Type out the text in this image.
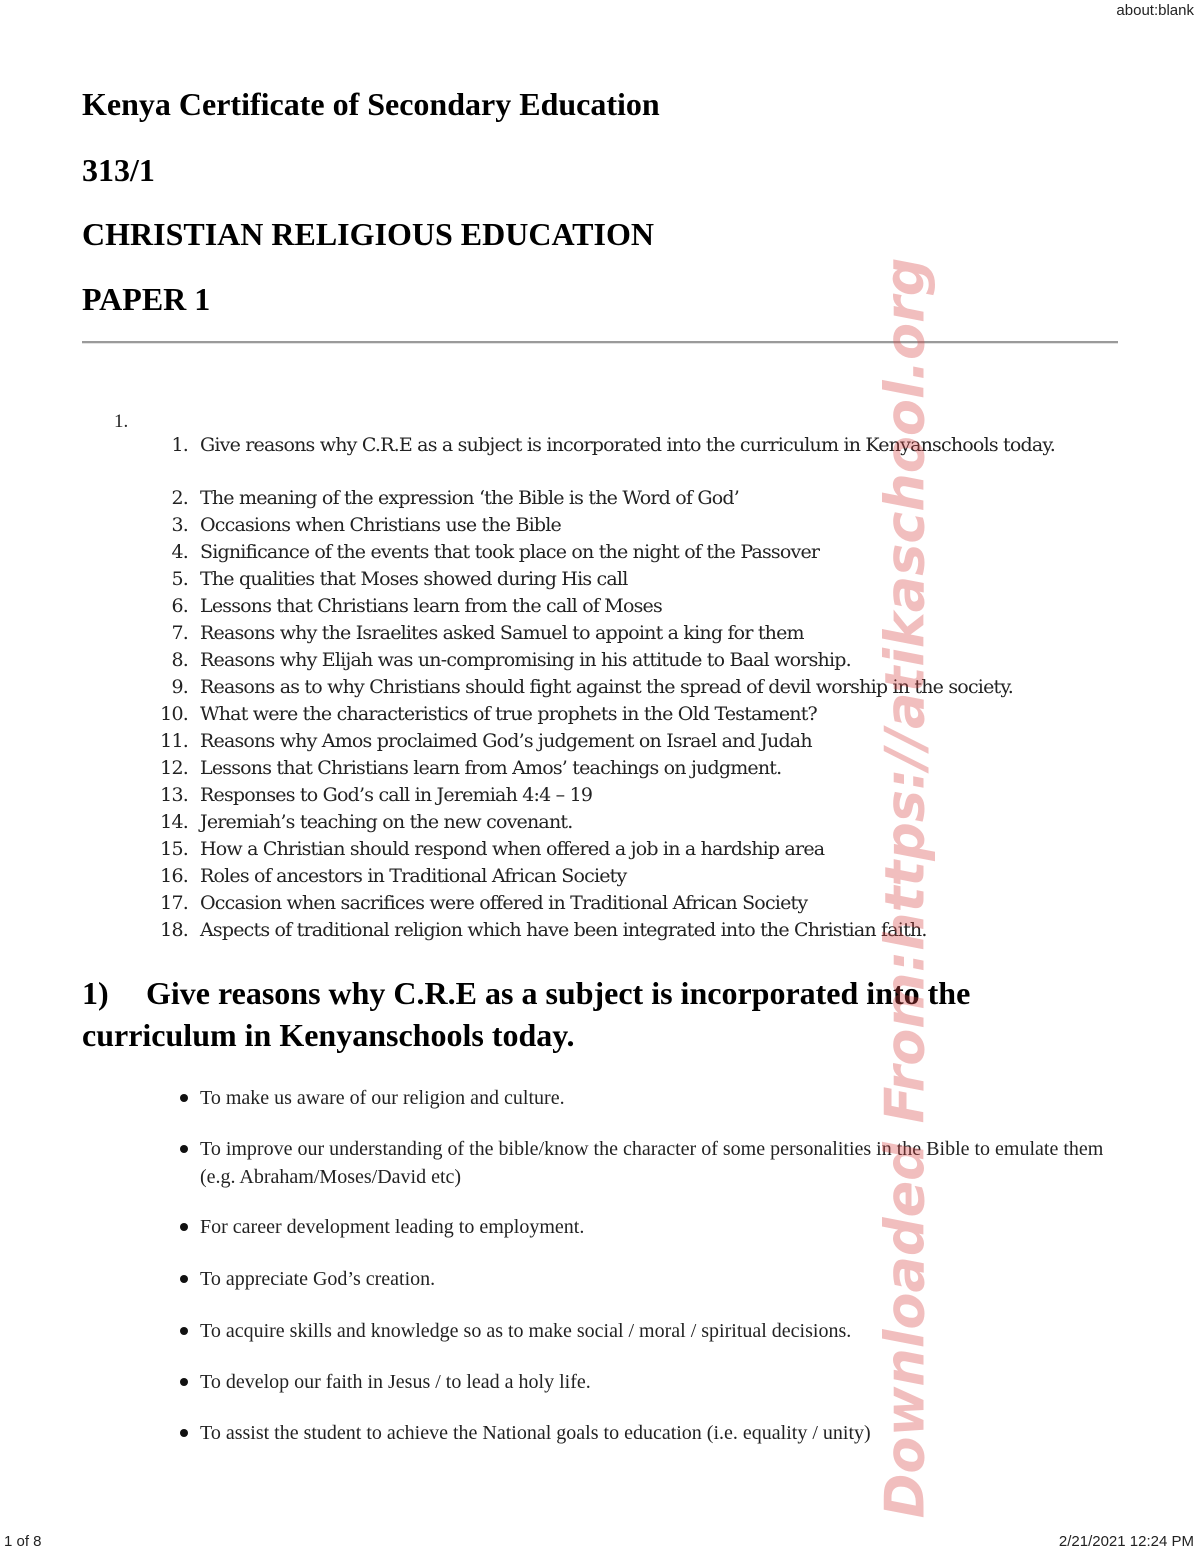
about:blank
Kenya Certificate of Secondary Education
313/1
CHRISTIAN RELIGIOUS EDUCATION
PAPER 1
1.
1. Give reasons why C.R.E as a subject is incorporated into the curriculum in Kenyanschools today.
2. The meaning of the expression ‘the Bible is the Word of God’
3. Occasions when Christians use the Bible
4. Significance of the events that took place on the night of the Passover
5. The qualities that Moses showed during His call
6. Lessons that Christians learn from the call of Moses
7. Reasons why the Israelites asked Samuel to appoint a king for them
8. Reasons why Elijah was un-compromising in his attitude to Baal worship.
9. Reasons as to why Christians should fight against the spread of devil worship in the society.
10. What were the characteristics of true prophets in the Old Testament?
11. Reasons why Amos proclaimed God’s judgement on Israel and Judah
12. Lessons that Christians learn from Amos’ teachings on judgment.
13. Responses to God’s call in Jeremiah 4:4 – 19
14. Jeremiah’s teaching on the new covenant.
15. How a Christian should respond when offered a job in a hardship area
16. Roles of ancestors in Traditional African Society
17. Occasion when sacrifices were offered in Traditional African Society
18. Aspects of traditional religion which have been integrated into the Christian faith.
1) Give reasons why C.R.E as a subject is incorporated into the curriculum in Kenyanschools today.
To make us aware of our religion and culture.
To improve our understanding of the bible/know the character of some personalities in the Bible to emulate them (e.g. Abraham/Moses/David etc)
For career development leading to employment.
To appreciate God’s creation.
To acquire skills and knowledge so as to make social / moral / spiritual decisions.
To develop our faith in Jesus / to lead a holy life.
To assist the student to achieve the National goals to education (i.e. equality / unity) Downloaded From:https://atikaschool.org
1 of 8	2/21/2021 12:24 PM
